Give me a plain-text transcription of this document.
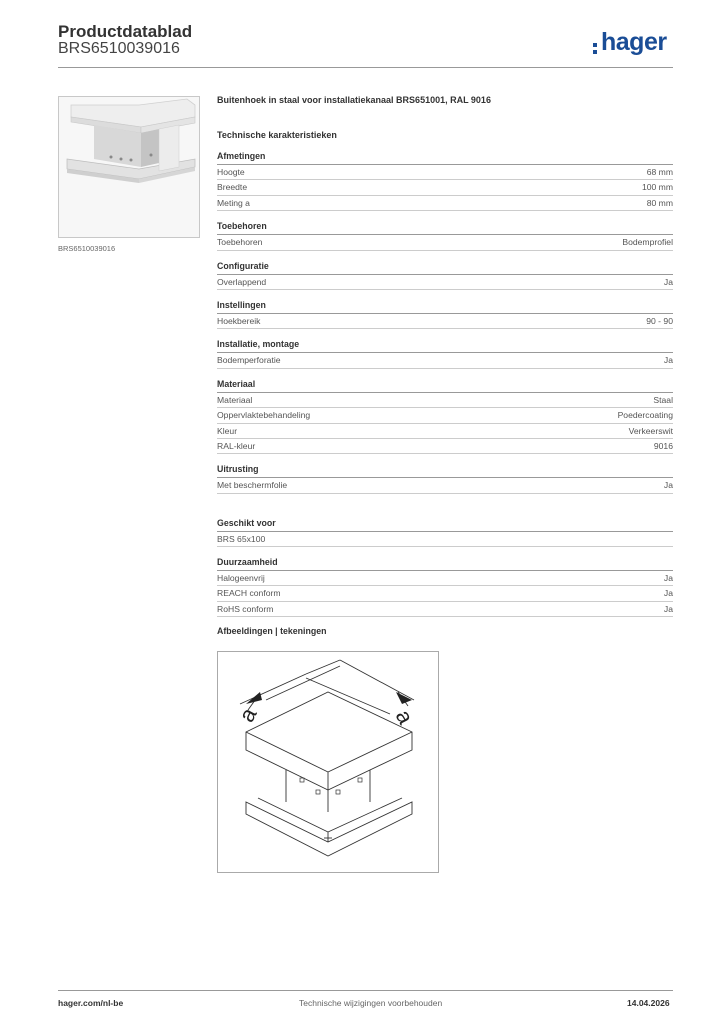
Productdatablad
BRS6510039016	hager
BRS6510039016
Buitenhoek in staal voor installatiekanaal BRS651001, RAL 9016
Technische karakteristieken
Afmetingen
Hoogte	68 mm
Breedte	100 mm
Meting a	80 mm
Toebehoren
Toebehoren	Bodemprofiel
Configuratie
Overlappend	Ja
Instellingen
Hoekbereik	90 - 90
Installatie, montage
Bodemperforatie	Ja
Materiaal
Materiaal	Staal
Oppervlaktebehandeling	Poedercoating
Kleur	Verkeerswit
RAL-kleur	9016
Uitrusting
Met beschermfolie	Ja
Geschikt voor
BRS 65x100
Duurzaamheid
Halogeenvrij	Ja
REACH conform	Ja
RoHS conform	Ja
Afbeeldingen | tekeningen
a	a
hager.com/nl-be	Technische wijzigingen voorbehouden	14.04.2026
